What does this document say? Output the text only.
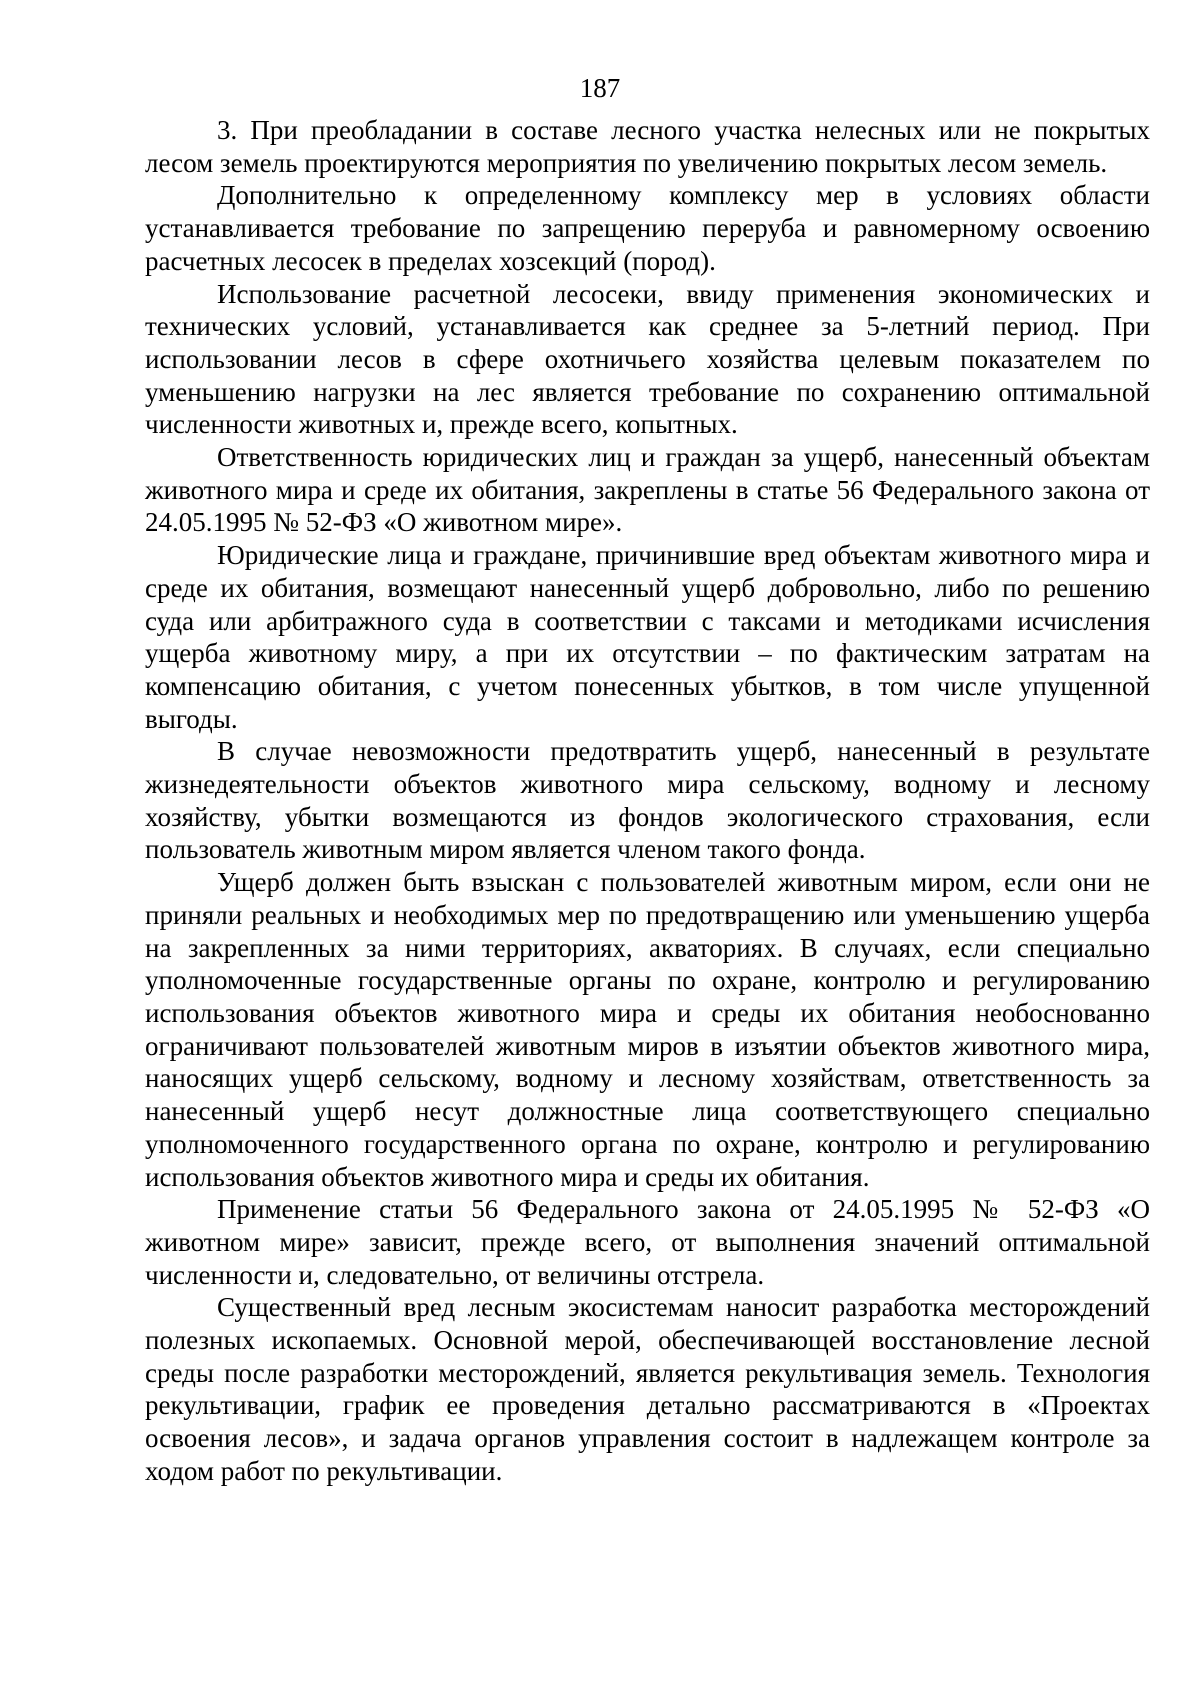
187

3. При преобладании в составе лесного участка нелесных или не покрытых лесом земель проектируются мероприятия по увеличению покрытых лесом земель.

Дополнительно к определенному комплексу мер в условиях области устанавливается требование по запрещению переруба и равномерному освоению расчетных лесосек в пределах хозсекций (пород).

Использование расчетной лесосеки, ввиду применения экономических и технических условий, устанавливается как среднее за 5-летний период. При использовании лесов в сфере охотничьего хозяйства целевым показателем по уменьшению нагрузки на лес является требование по сохранению оптимальной численности животных и, прежде всего, копытных.

Ответственность юридических лиц и граждан за ущерб, нанесенный объектам животного мира и среде их обитания, закреплены в статье 56 Федерального закона от 24.05.1995 № 52-ФЗ «О животном мире».

Юридические лица и граждане, причинившие вред объектам животного мира и среде их обитания, возмещают нанесенный ущерб добровольно, либо по решению суда или арбитражного суда в соответствии с таксами и методиками исчисления ущерба животному миру, а при их отсутствии – по фактическим затратам на компенсацию обитания, с учетом понесенных убытков, в том числе упущенной выгоды.

В случае невозможности предотвратить ущерб, нанесенный в результате жизнедеятельности объектов животного мира сельскому, водному и лесному хозяйству, убытки возмещаются из фондов экологического страхования, если пользователь животным миром является членом такого фонда.

Ущерб должен быть взыскан с пользователей животным миром, если они не приняли реальных и необходимых мер по предотвращению или уменьшению ущерба на закрепленных за ними территориях, акваториях. В случаях, если специально уполномоченные государственные органы по охране, контролю и регулированию использования объектов животного мира и среды их обитания необоснованно ограничивают пользователей животным миров в изъятии объектов животного мира, наносящих ущерб сельскому, водному и лесному хозяйствам, ответственность за нанесенный ущерб несут должностные лица соответствующего специально уполномоченного государственного органа по охране, контролю и регулированию использования объектов животного мира и среды их обитания.

Применение статьи 56 Федерального закона от 24.05.1995 № 52-ФЗ «О животном мире» зависит, прежде всего, от выполнения значений оптимальной численности и, следовательно, от величины отстрела.

Существенный вред лесным экосистемам наносит разработка месторождений полезных ископаемых. Основной мерой, обеспечивающей восстановление лесной среды после разработки месторождений, является рекультивация земель. Технология рекультивации, график ее проведения детально рассматриваются в «Проектах освоения лесов», и задача органов управления состоит в надлежащем контроле за ходом работ по рекультивации.
